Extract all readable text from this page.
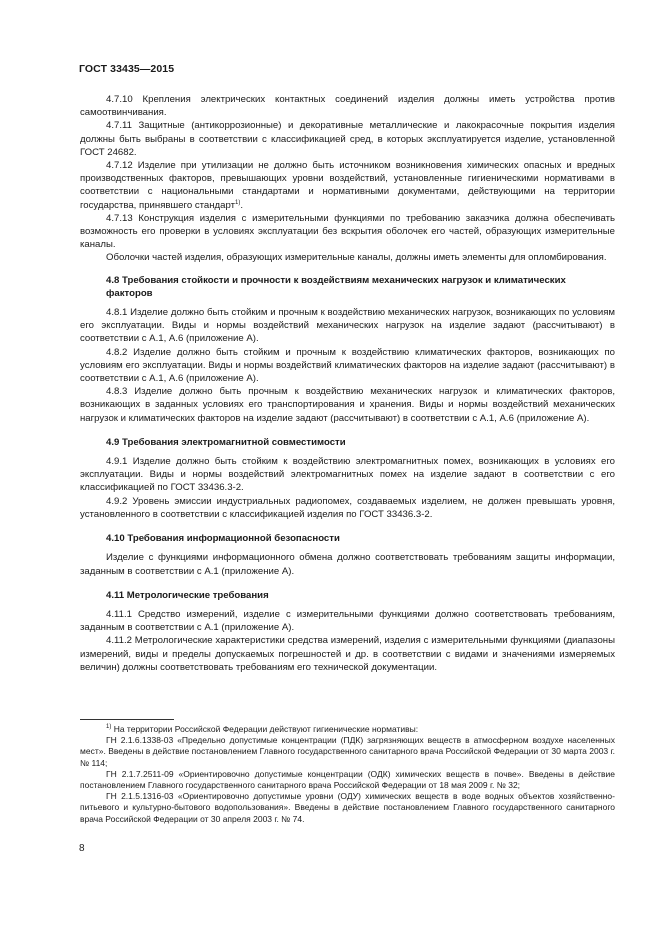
ГОСТ 33435—2015

4.7.10 Крепления электрических контактных соединений изделия должны иметь устройства против самоотвинчивания.

4.7.11 Защитные (антикоррозионные) и декоративные металлические и лакокрасочные покрытия изделия должны быть выбраны в соответствии с классификацией сред, в которых эксплуатируется изделие, установленной ГОСТ 24682.

4.7.12 Изделие при утилизации не должно быть источником возникновения химических опасных и вредных производственных факторов, превышающих уровни воздействий, установленные гигиеническими нормативами в соответствии с национальными стандартами и нормативными документами, действующими на территории государства, принявшего стандарт$^{1)}$.

4.7.13 Конструкция изделия с измерительными функциями по требованию заказчика должна обеспечивать возможность его проверки в условиях эксплуатации без вскрытия оболочек его частей, образующих измерительные каналы.

Оболочки частей изделия, образующих измерительные каналы, должны иметь элементы для опломбирования.

4.8 Требования стойкости и прочности к воздействиям механических нагрузок и климатических факторов

4.8.1 Изделие должно быть стойким и прочным к воздействию механических нагрузок, возникающих по условиям его эксплуатации. Виды и нормы воздействий механических нагрузок на изделие задают (рассчитывают) в соответствии с А.1, А.6 (приложение А).

4.8.2 Изделие должно быть стойким и прочным к воздействию климатических факторов, возникающих по условиям его эксплуатации. Виды и нормы воздействий климатических факторов на изделие задают (рассчитывают) в соответствии с А.1, А.6 (приложение А).

4.8.3 Изделие должно быть прочным к воздействию механических нагрузок и климатических факторов, возникающих в заданных условиях его транспортирования и хранения. Виды и нормы воздействий механических нагрузок и климатических факторов на изделие задают (рассчитывают) в соответствии с А.1, А.6 (приложение А).

4.9 Требования электромагнитной совместимости

4.9.1 Изделие должно быть стойким к воздействию электромагнитных помех, возникающих в условиях его эксплуатации. Виды и нормы воздействий электромагнитных помех на изделие задают в соответствии с его классификацией по ГОСТ 33436.3-2.

4.9.2 Уровень эмиссии индустриальных радиопомех, создаваемых изделием, не должен превышать уровня, установленного в соответствии с классификацией изделия по ГОСТ 33436.3-2.

4.10 Требования информационной безопасности

Изделие с функциями информационного обмена должно соответствовать требованиям защиты информации, заданным в соответствии с А.1 (приложение А).

4.11 Метрологические требования

4.11.1 Средство измерений, изделие с измерительными функциями должно соответствовать требованиям, заданным в соответствии с А.1 (приложение А).

4.11.2 Метрологические характеристики средства измерений, изделия с измерительными функциями (диапазоны измерений, виды и пределы допускаемых погрешностей и др. в соответствии с видами и значениями измеряемых величин) должны соответствовать требованиям его технической документации.

$^{1)}$ На территории Российской Федерации действуют гигиенические нормативы:

ГН 2.1.6.1338-03 «Предельно допустимые концентрации (ПДК) загрязняющих веществ в атмосферном воздухе населенных мест». Введены в действие постановлением Главного государственного санитарного врача Российской Федерации от 30 марта 2003 г. № 114;

ГН 2.1.7.2511-09 «Ориентировочно допустимые концентрации (ОДК) химических веществ в почве». Введены в действие постановлением Главного государственного санитарного врача Российской Федерации от 18 мая 2009 г. № 32;

ГН 2.1.5.1316-03 «Ориентировочно допустимые уровни (ОДУ) химических веществ в воде водных объектов хозяйственно-питьевого и культурно-бытового водопользования». Введены в действие постановлением Главного государственного санитарного врача Российской Федерации от 30 апреля 2003 г. № 74.

8
